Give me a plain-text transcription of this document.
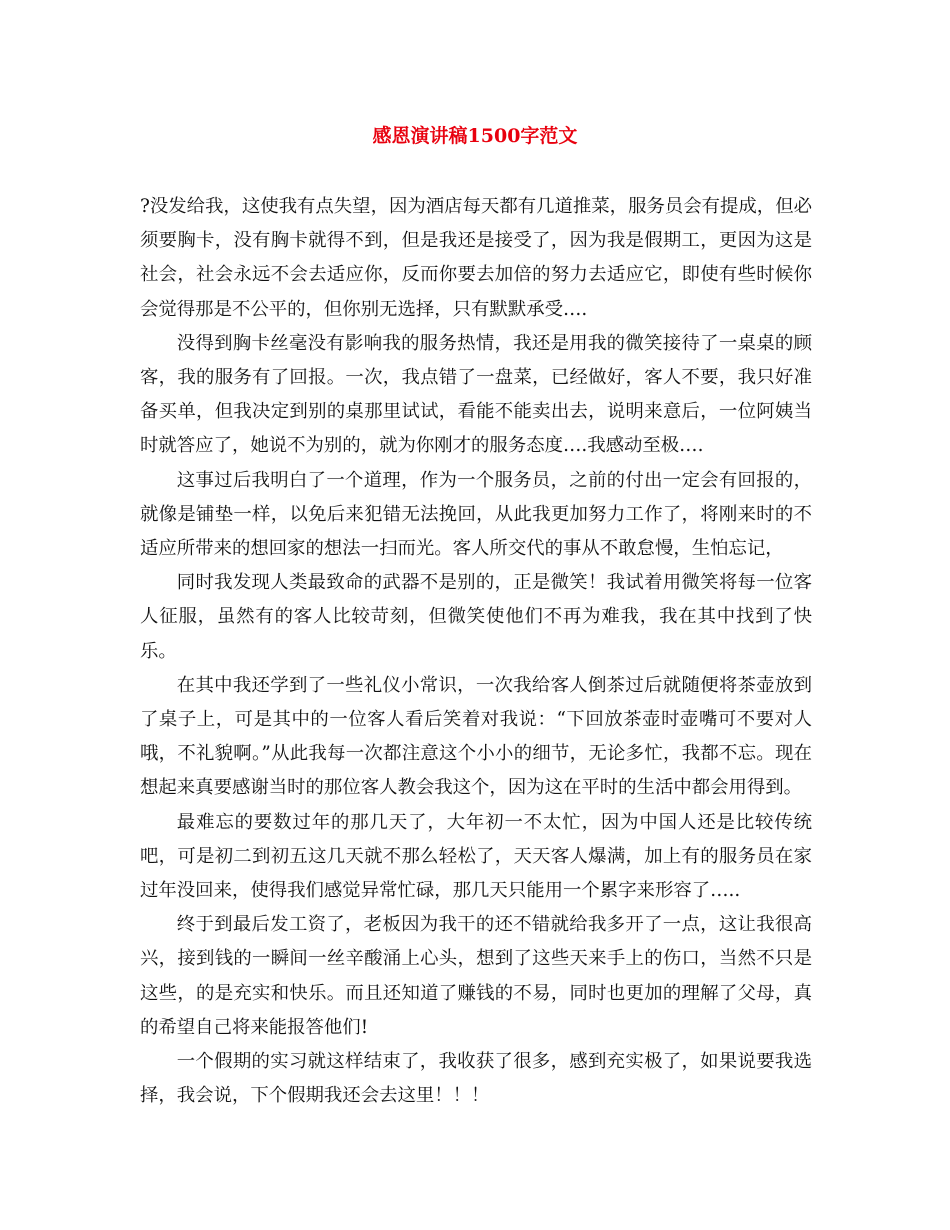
感恩演讲稿1500字范文

?没发给我，这使我有点失望，因为酒店每天都有几道推菜，服务员会有提成，但必须要胸卡，没有胸卡就得不到，但是我还是接受了，因为我是假期工，更因为这是社会，社会永远不会去适应你，反而你要去加倍的努力去适应它，即使有些时候你会觉得那是不公平的，但你别无选择，只有默默承受….

没得到胸卡丝毫没有影响我的服务热情，我还是用我的微笑接待了一桌桌的顾客，我的服务有了回报。一次，我点错了一盘菜，已经做好，客人不要，我只好准备买单，但我决定到别的桌那里试试，看能不能卖出去，说明来意后，一位阿姨当时就答应了，她说不为别的，就为你刚才的服务态度….我感动至极….

这事过后我明白了一个道理，作为一个服务员，之前的付出一定会有回报的，就像是铺垫一样，以免后来犯错无法挽回，从此我更加努力工作了，将刚来时的不适应所带来的想回家的想法一扫而光。客人所交代的事从不敢怠慢，生怕忘记，

同时我发现人类最致命的武器不是别的，正是微笑！我试着用微笑将每一位客人征服，虽然有的客人比较苛刻，但微笑使他们不再为难我，我在其中找到了快乐。

在其中我还学到了一些礼仪小常识，一次我给客人倒茶过后就随便将茶壶放到了桌子上，可是其中的一位客人看后笑着对我说：“下回放茶壶时壶嘴可不要对人哦，不礼貌啊。”从此我每一次都注意这个小小的细节，无论多忙，我都不忘。现在想起来真要感谢当时的那位客人教会我这个，因为这在平时的生活中都会用得到。

最难忘的要数过年的那几天了，大年初一不太忙，因为中国人还是比较传统吧，可是初二到初五这几天就不那么轻松了，天天客人爆满，加上有的服务员在家过年没回来，使得我们感觉异常忙碌，那几天只能用一个累字来形容了…..

终于到最后发工资了，老板因为我干的还不错就给我多开了一点，这让我很高兴，接到钱的一瞬间一丝辛酸涌上心头，想到了这些天来手上的伤口，当然不只是这些，的是充实和快乐。而且还知道了赚钱的不易，同时也更加的理解了父母，真的希望自己将来能报答他们!

一个假期的实习就这样结束了，我收获了很多，感到充实极了，如果说要我选择，我会说，下个假期我还会去这里！！！
